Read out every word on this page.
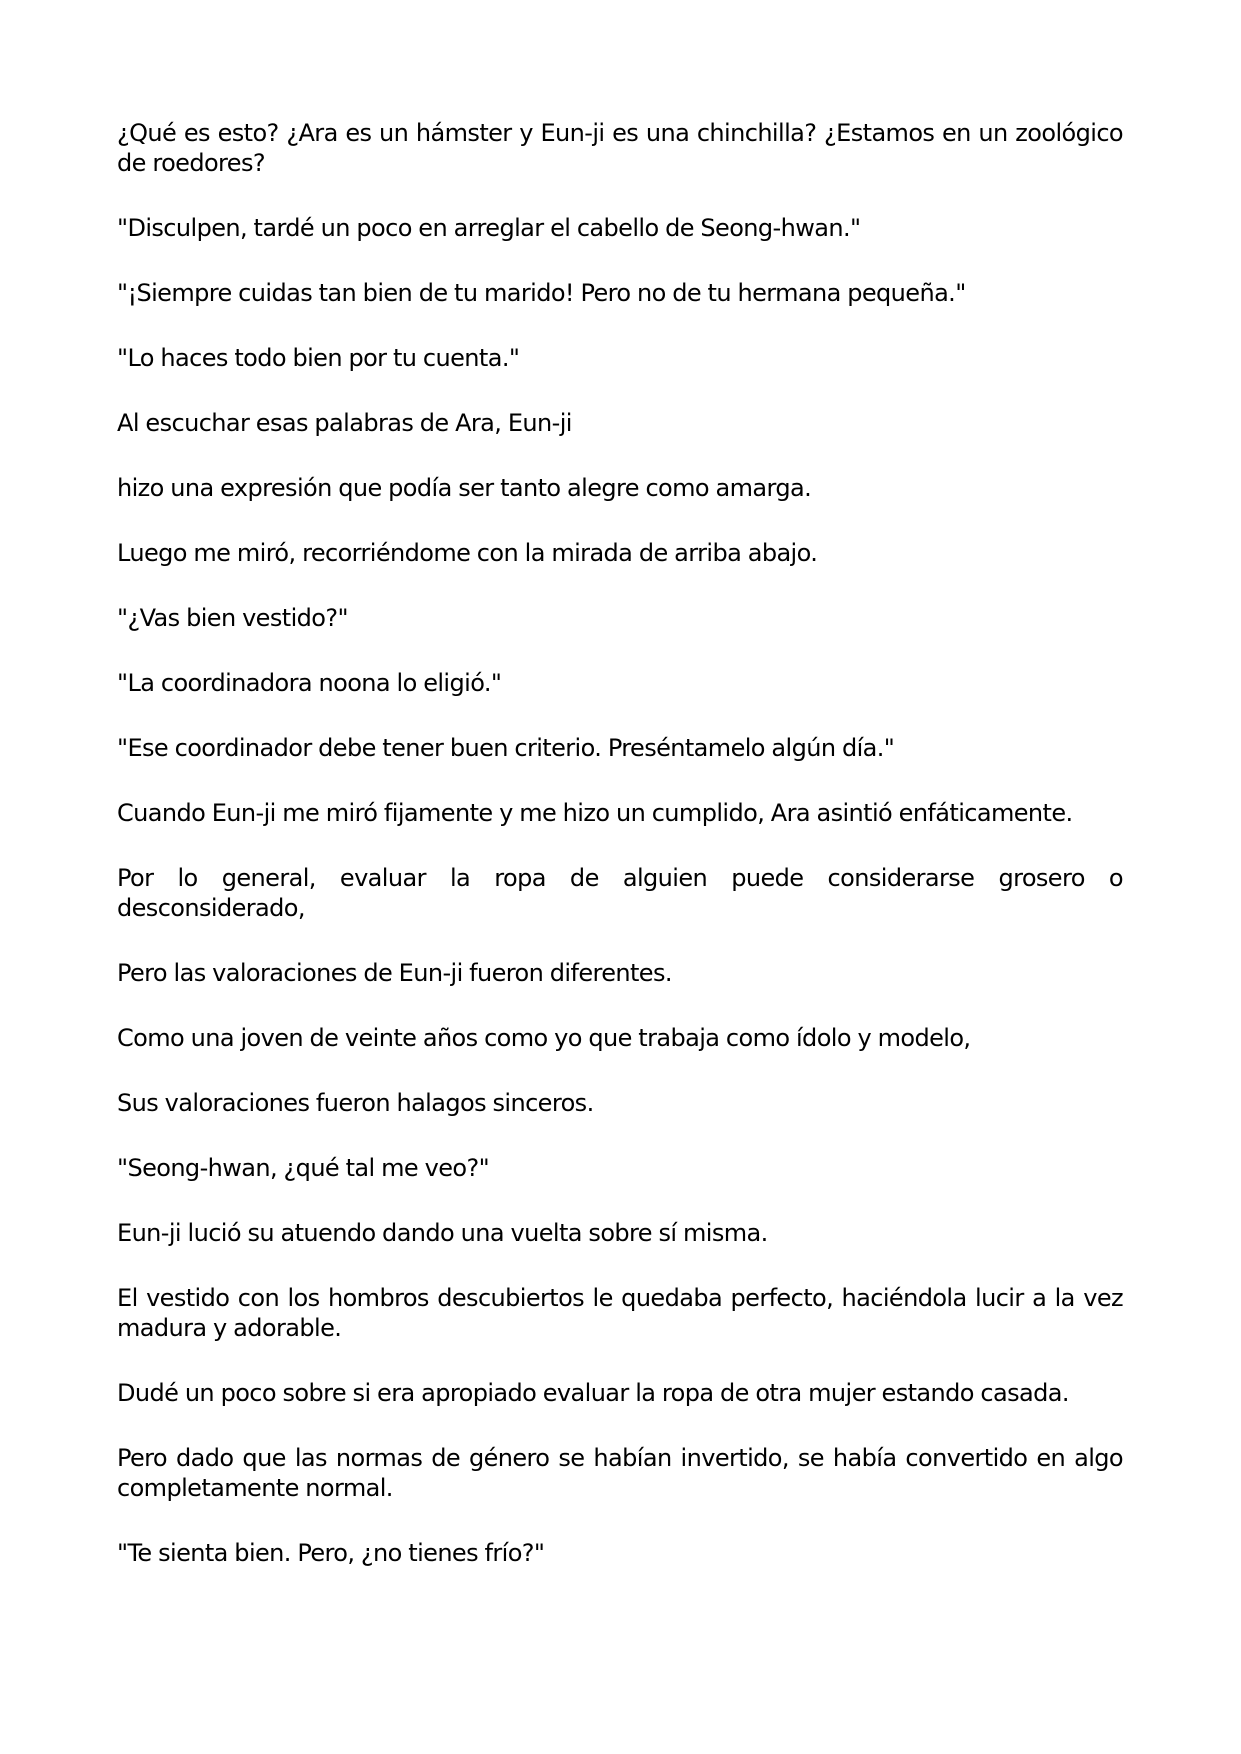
¿Qué es esto? ¿Ara es un hámster y Eun-ji es una chinchilla? ¿Estamos en un zoológico de roedores?

"Disculpen, tardé un poco en arreglar el cabello de Seong-hwan."

"¡Siempre cuidas tan bien de tu marido! Pero no de tu hermana pequeña."

"Lo haces todo bien por tu cuenta."

Al escuchar esas palabras de Ara, Eun-ji

hizo una expresión que podía ser tanto alegre como amarga.

Luego me miró, recorriéndome con la mirada de arriba abajo.

"¿Vas bien vestido?"

"La coordinadora noona lo eligió."

"Ese coordinador debe tener buen criterio. Preséntamelo algún día."

Cuando Eun-ji me miró fijamente y me hizo un cumplido, Ara asintió enfáticamente.

Por lo general, evaluar la ropa de alguien puede considerarse grosero o desconsiderado,

Pero las valoraciones de Eun-ji fueron diferentes.

Como una joven de veinte años como yo que trabaja como ídolo y modelo,

Sus valoraciones fueron halagos sinceros.

"Seong-hwan, ¿qué tal me veo?"

Eun-ji lució su atuendo dando una vuelta sobre sí misma.

El vestido con los hombros descubiertos le quedaba perfecto, haciéndola lucir a la vez madura y adorable.

Dudé un poco sobre si era apropiado evaluar la ropa de otra mujer estando casada.

Pero dado que las normas de género se habían invertido, se había convertido en algo completamente normal.

"Te sienta bien. Pero, ¿no tienes frío?"
